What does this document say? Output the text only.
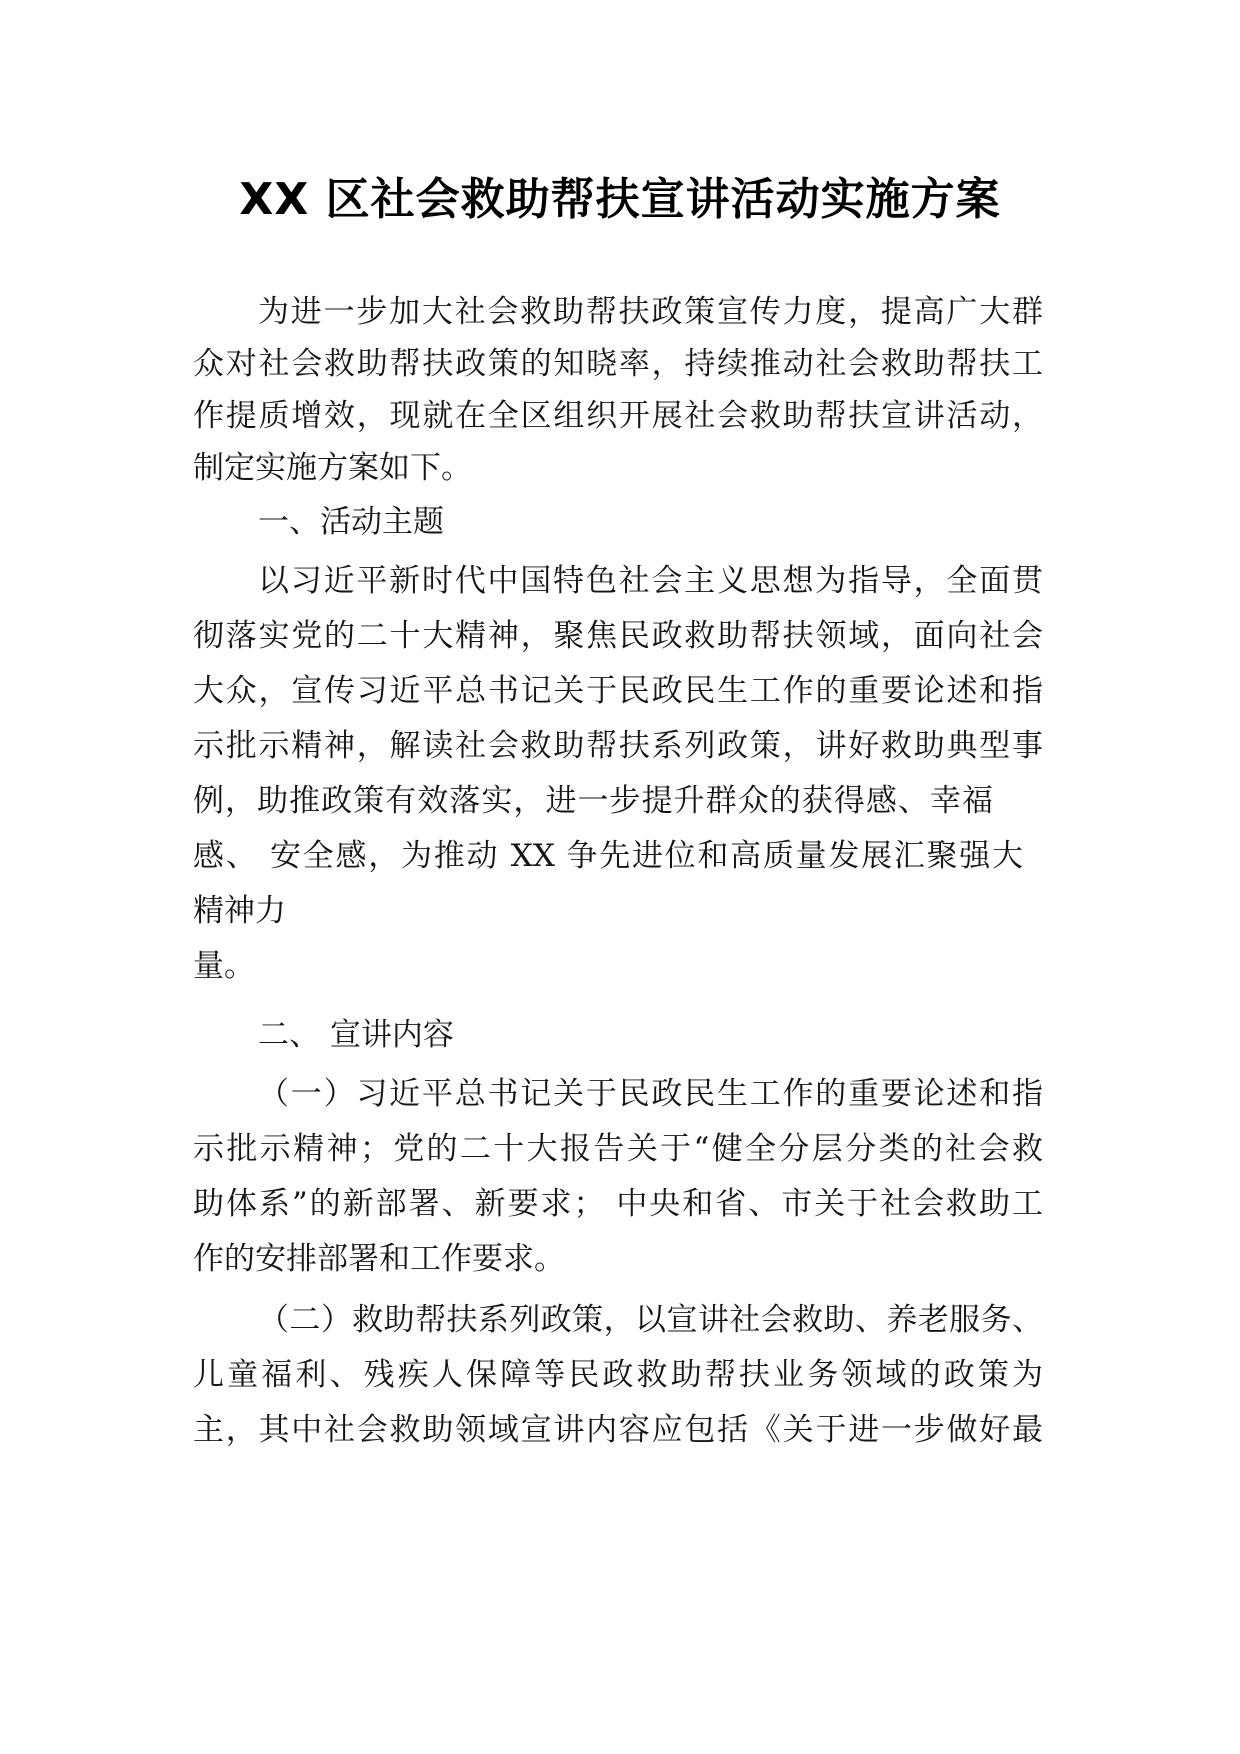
XX 区社会救助帮扶宣讲活动实施方案
为进一步加大社会救助帮扶政策宣传力度，提高广大群
众对社会救助帮扶政策的知晓率，持续推动社会救助帮扶工
作提质增效，现就在全区组织开展社会救助帮扶宣讲活动，
制定实施方案如下。
一、活动主题
以习近平新时代中国特色社会主义思想为指导，全面贯
彻落实党的二十大精神，聚焦民政救助帮扶领域，面向社会
大众，宣传习近平总书记关于民政民生工作的重要论述和指
示批示精神，解读社会救助帮扶系列政策，讲好救助典型事
例，助推政策有效落实，进一步提升群众的获得感、幸福
感、 安全感，为推动 XX 争先进位和高质量发展汇聚强大
精神力
量。
二、 宣讲内容
（一）习近平总书记关于民政民生工作的重要论述和指
示批示精神；党的二十大报告关于“健全分层分类的社会救
助体系”的新部署、新要求； 中央和省、市关于社会救助工
作的安排部署和工作要求。
（二）救助帮扶系列政策，以宣讲社会救助、养老服务、
儿童福利、残疾人保障等民政救助帮扶业务领域的政策为
主，其中社会救助领域宣讲内容应包括《关于进一步做好最
